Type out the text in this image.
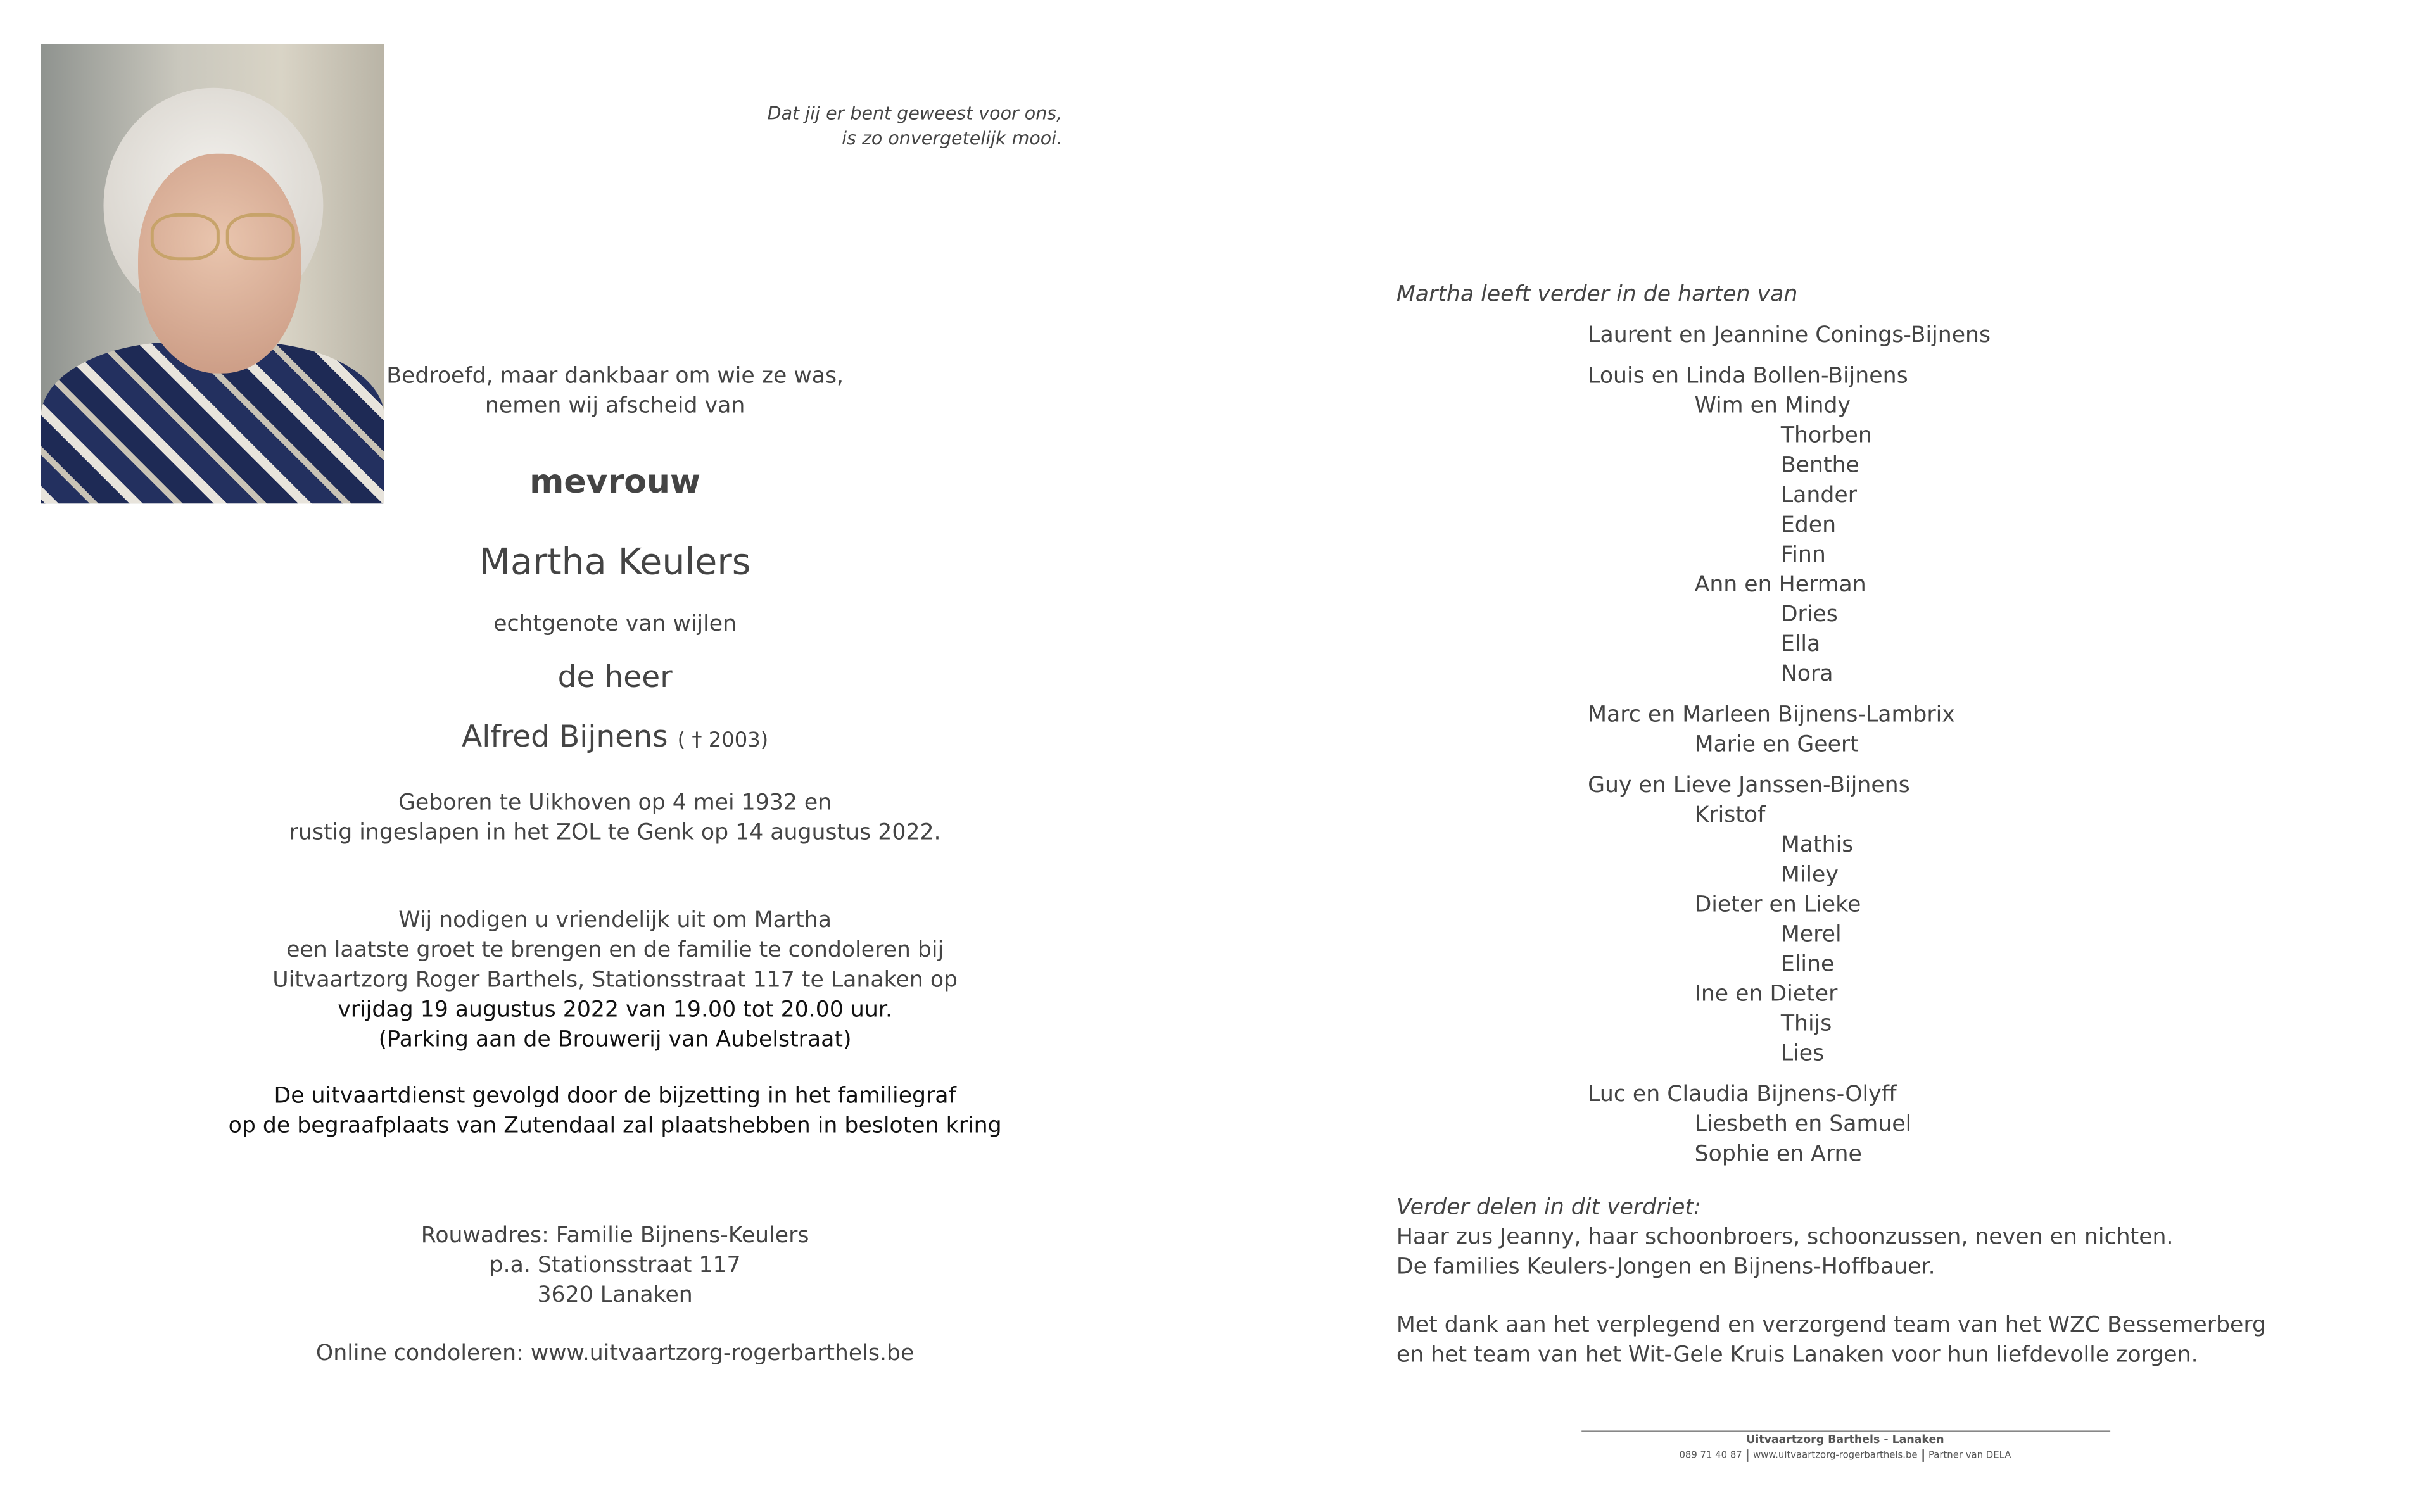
Dat jij er bent geweest voor ons,
is zo onvergetelijk mooi.
Bedroefd, maar dankbaar om wie ze was,
nemen wij afscheid van
mevrouw
Martha Keulers
echtgenote van wijlen
de heer
Alfred Bijnens ( † 2003)
Geboren te Uikhoven op 4 mei 1932 en
rustig ingeslapen in het ZOL te Genk op 14 augustus 2022.
Wij nodigen u vriendelijk uit om Martha
een laatste groet te brengen en de familie te condoleren bij
Uitvaartzorg Roger Barthels, Stationsstraat 117 te Lanaken op
vrijdag 19 augustus 2022 van 19.00 tot 20.00 uur.
(Parking aan de Brouwerij van Aubelstraat)
De uitvaartdienst gevolgd door de bijzetting in het familiegraf
op de begraafplaats van Zutendaal zal plaatshebben in besloten kring
Rouwadres: Familie Bijnens-Keulers
p.a. Stationsstraat 117
3620 Lanaken
Online condoleren: www.uitvaartzorg-rogerbarthels.be
Martha leeft verder in de harten van
Laurent en Jeannine Conings-Bijnens
Louis en Linda Bollen-Bijnens
Wim en Mindy
Thorben
Benthe
Lander
Eden
Finn
Ann en Herman
Dries
Ella
Nora
Marc en Marleen Bijnens-Lambrix
Marie en Geert
Guy en Lieve Janssen-Bijnens
Kristof
Mathis
Miley
Dieter en Lieke
Merel
Eline
Ine en Dieter
Thijs
Lies
Luc en Claudia Bijnens-Olyff
Liesbeth en Samuel
Sophie en Arne
Verder delen in dit verdriet:
Haar zus Jeanny, haar schoonbroers, schoonzussen, neven en nichten.
De families Keulers-Jongen en Bijnens-Hoffbauer.
Met dank aan het verplegend en verzorgend team van het WZC Bessemerberg
en het team van het Wit-Gele Kruis Lanaken voor hun liefdevolle zorgen.
Uitvaartzorg Barthels - Lanaken
089 71 40 87	www.uitvaartzorg-rogerbarthels.be	Partner van DELA
